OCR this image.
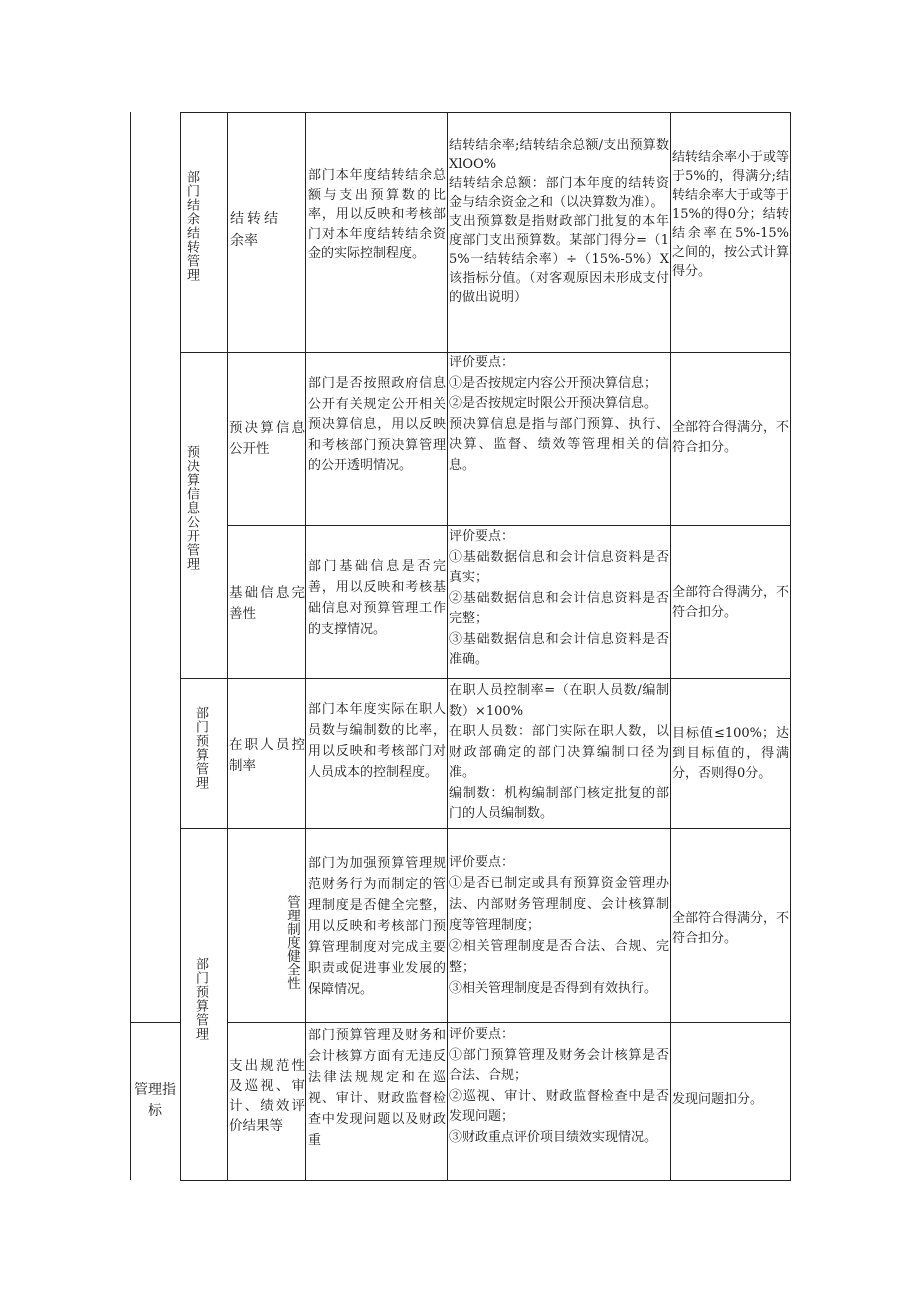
管理指标
部门结余结转管理 结转结余率
部门本年度结转结余总额与支出预算数的比率，用以反映和考核部门对本年度结转结余资金的实际控制程度。
结转结余率;结转结余总额/支出预算数 XlOO%
结转结余总额：部门本年度的结转资金与结余资金之和（以决算数为准）。
支出预算数是指财政部门批复的本年度部门支出预算数。某部门得分=（15%一结转结余率）÷（15%-5%）X该指标分值。（对客观原因未形成支付的做出说明）
结转结余率小于或等于5%的，得满分;结转结余率大于或等于15%的得0分；结转结余率在5%-15%之间的，按公式计算得分。
预决算信息公开管理
预决算信息公开性
部门是否按照政府信息公开有关规定公开相关预决算信息，用以反映和考核部门预决算管理的公开透明情况。
评价要点：
①是否按规定内容公开预决算信息；
②是否按规定时限公开预决算信息。
预决算信息是指与部门预算、执行、决算、监督、绩效等管理相关的信息。
全部符合得满分，不符合扣分。
基础信息完善性
部门基础信息是否完善，用以反映和考核基础信息对预算管理工作的支撑情况。
评价要点：
①基础数据信息和会计信息资料是否真实；
②基础数据信息和会计信息资料是否完整；
③基础数据信息和会计信息资料是否准确。
全部符合得满分，不符合扣分。
部门预算管理 在职人员控制率
部门本年度实际在职人员数与编制数的比率，用以反映和考核部门对人员成本的控制程度。
在职人员控制率=（在职人员数/编制数）×100%
在职人员数：部门实际在职人数，以财政部确定的部门决算编制口径为准。
编制数：机构编制部门核定批复的部门的人员编制数。
目标值≤100%；达到目标值的，得满分，否则得0分。
部门预算管理
管理制度健全性
部门为加强预算管理规范财务行为而制定的管理制度是否健全完整，用以反映和考核部门预算管理制度对完成主要职责或促进事业发展的保障情况。
评价要点：
①是否已制定或具有预算资金管理办法、内部财务管理制度、会计核算制度等管理制度；
②相关管理制度是否合法、合规、完整；
③相关管理制度是否得到有效执行。
全部符合得满分，不符合扣分。
支出规范性及巡视、审计、绩效评价结果等
部门预算管理及财务和会计核算方面有无违反法律法规规定和在巡视、审计、财政监督检查中发现问题以及财政重
评价要点：
①部门预算管理及财务会计核算是否合法、合规；
②巡视、审计、财政监督检查中是否发现问题；
③财政重点评价项目绩效实现情况。
发现问题扣分。
